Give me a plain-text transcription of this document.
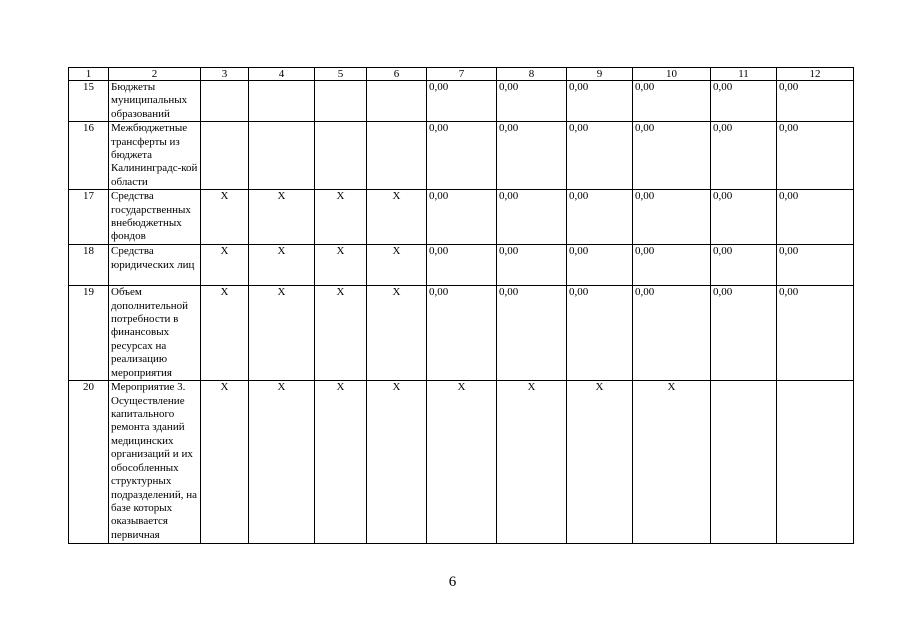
1	2	3	4	5	6	7	8	9	10	11	12
15	Бюджеты муниципальных образований					0,00	0,00	0,00	0,00	0,00	0,00
16	Межбюджетные трансферты из бюджета Калининградс-кой области					0,00	0,00	0,00	0,00	0,00	0,00
17	Средства государственных внебюджетных фондов	X	X	X	X	0,00	0,00	0,00	0,00	0,00	0,00
18	Средства юридических лиц	X	X	X	X	0,00	0,00	0,00	0,00	0,00	0,00
19	Объем дополнительной потребности в финансовых ресурсах на реализацию мероприятия	X	X	X	X	0,00	0,00	0,00	0,00	0,00	0,00
20	Мероприятие 3. Осуществление капитального ремонта зданий медицинских организаций и их обособленных структурных подразделений, на базе которых оказывается первичная	X	X	X	X	X	X	X	X		
6
